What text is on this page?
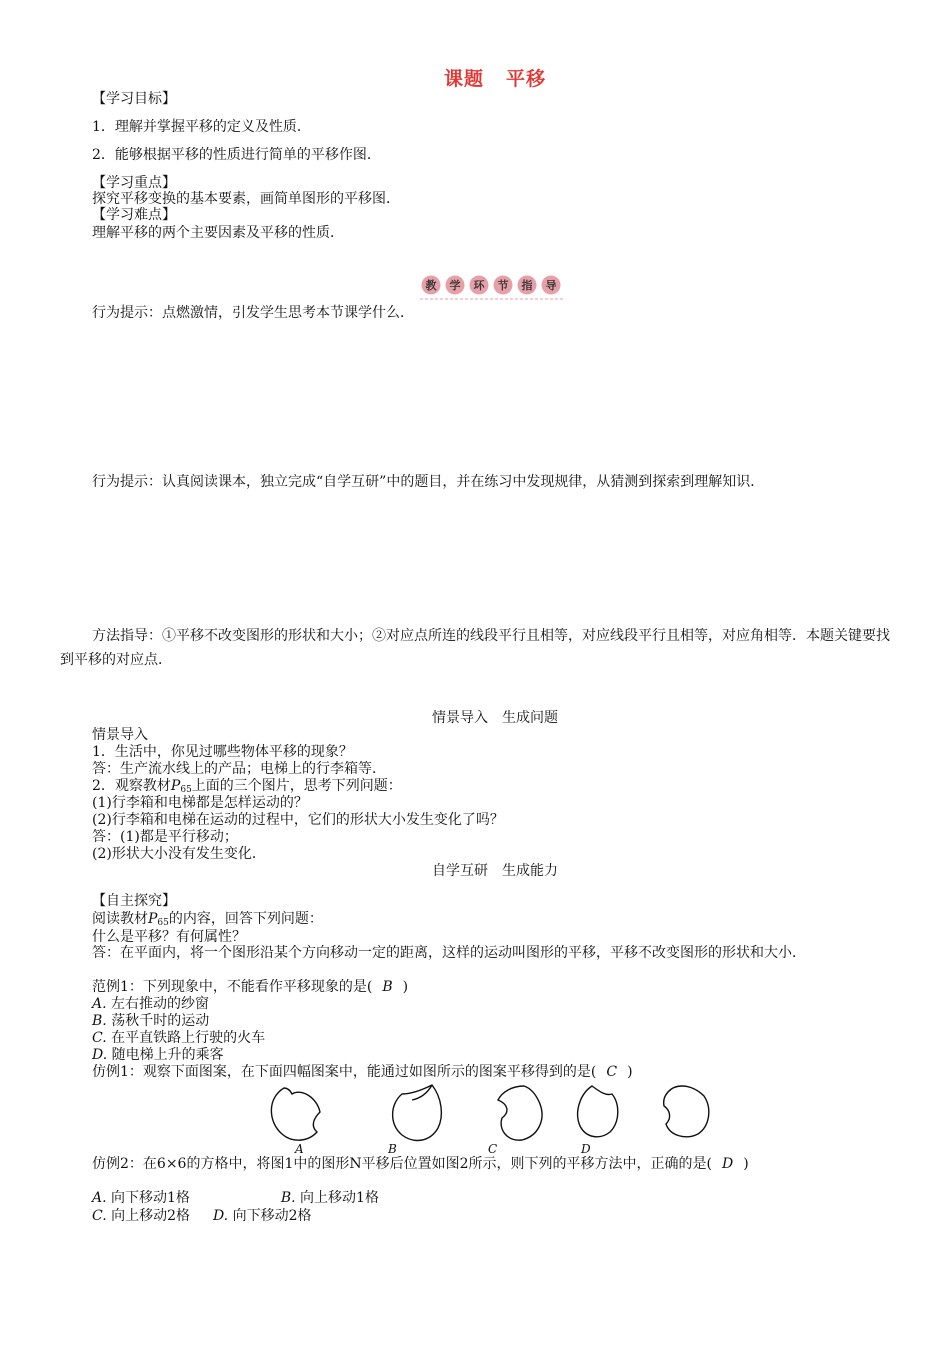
课题 平移
【学习目标】
1．理解并掌握平移的定义及性质．
2．能够根据平移的性质进行简单的平移作图．
【学习重点】
探究平移变换的基本要素，画简单图形的平移图．
【学习难点】
理解平移的两个主要因素及平移的性质．
教 学 环 节 指 导
行为提示：点燃激情，引发学生思考本节课学什么．
行为提示：认真阅读课本，独立完成“自学互研”中的题目，并在练习中发现规律，从猜测到探索到理解知识．
方法指导：①平移不改变图形的形状和大小；②对应点所连的线段平行且相等，对应线段平行且相等，对应角相等．本题关键要找到平移的对应点．
情景导入　生成问题
情景导入
1．生活中，你见过哪些物体平移的现象？
答：生产流水线上的产品；电梯上的行李箱等．
2．观察教材$P_{65}$上面的三个图片，思考下列问题：
(1)行李箱和电梯都是怎样运动的？
(2)行李箱和电梯在运动的过程中，它们的形状大小发生变化了吗？
答：(1)都是平行移动；
(2)形状大小没有发生变化．
自学互研　生成能力
【自主探究】
阅读教材$P_{65}$的内容，回答下列问题：
什么是平移？有何属性？
答：在平面内，将一个图形沿某个方向移动一定的距离，这样的运动叫图形的平移，平移不改变图形的形状和大小．
范例1：下列现象中，不能看作平移现象的是( B )
A. 左右推动的纱窗
B. 荡秋千时的运动
C. 在平直铁路上行驶的火车
D. 随电梯上升的乘客
仿例1：观察下面图案，在下面四幅图案中，能通过如图所示的图案平移得到的是( C )
A	B	C	D
仿例2：在6×6的方格中，将图1中的图形N平移后位置如图2所示，则下列的平移方法中，正确的是( D )
A. 向下移动1格	B. 向上移动1格
C. 向上移动2格 D. 向下移动2格
